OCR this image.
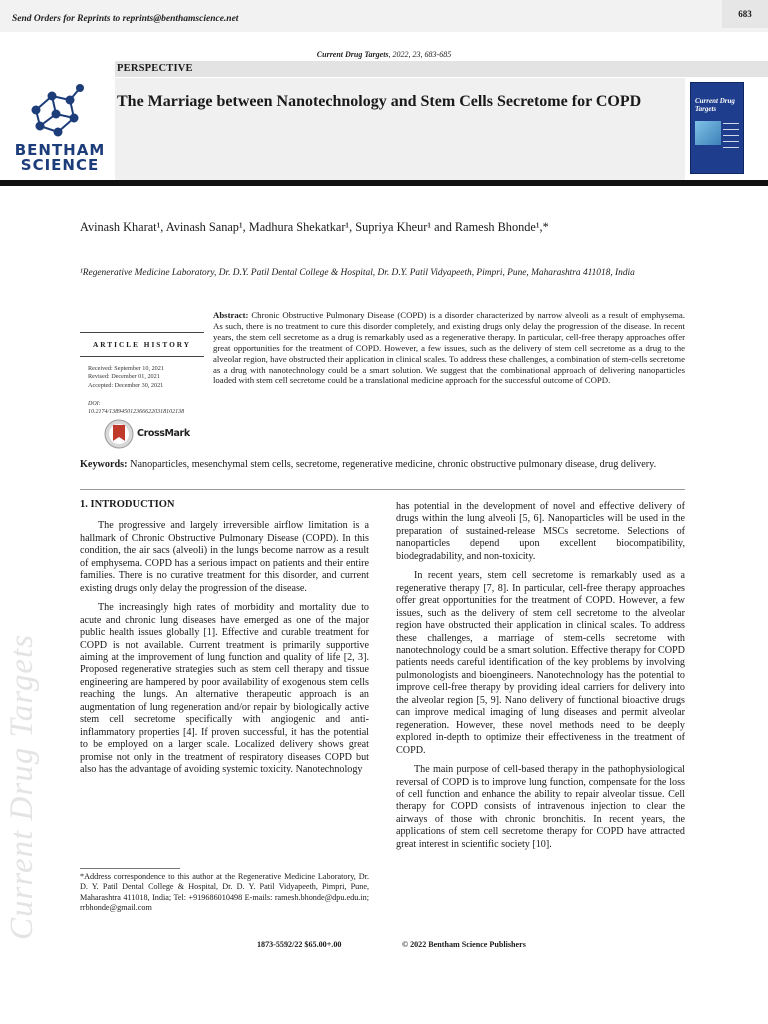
Send Orders for Reprints to reprints@benthamscience.net	683
Current Drug Targets, 2022, 23, 683-685
PERSPECTIVE
The Marriage between Nanotechnology and Stem Cells Secretome for COPD
BENTHAM
SCIENCE
Current Drug Targets
Avinash Kharat¹, Avinash Sanap¹, Madhura Shekatkar¹, Supriya Kheur¹ and Ramesh Bhonde¹,*
¹Regenerative Medicine Laboratory, Dr. D.Y. Patil Dental College & Hospital, Dr. D.Y. Patil Vidyapeeth, Pimpri, Pune, Maharashtra 411018, India
ARTICLE HISTORY
Received: September 10, 2021
Revised: December 01, 2021
Accepted: December 30, 2021
DOI:
10.2174/1389450123666220318102138
CrossMark
Abstract: Chronic Obstructive Pulmonary Disease (COPD) is a disorder characterized by narrow alveoli as a result of emphysema. As such, there is no treatment to cure this disorder completely, and existing drugs only delay the progression of the disease. In recent years, the stem cell secretome as a drug is remarkably used as a regenerative therapy. In particular, cell-free therapy approaches offer great opportunities for the treatment of COPD. However, a few issues, such as the delivery of stem cell secretome as a drug to the alveolar region, have obstructed their application in clinical scales. To address these challenges, a combination of stem-cells secretome as a drug with nanotechnology could be a smart solution. We suggest that the combinational approach of delivering nanoparticles loaded with stem cell secretome could be a translational medicine approach for the successful outcome of COPD.
Keywords: Nanoparticles, mesenchymal stem cells, secretome, regenerative medicine, chronic obstructive pulmonary disease, drug delivery.
1. INTRODUCTION

The progressive and largely irreversible airflow limitation is a hallmark of Chronic Obstructive Pulmonary Disease (COPD). In this condition, the air sacs (alveoli) in the lungs become narrow as a result of emphysema. COPD has a serious impact on patients and their entire families. There is no curative treatment for this disorder, and current existing drugs only delay the progression of the disease.

The increasingly high rates of morbidity and mortality due to acute and chronic lung diseases have emerged as one of the major public health issues globally [1]. Effective and curable treatment for COPD is not available. Current treatment is primarily supportive aiming at the improvement of lung function and quality of life [2, 3]. Proposed regenerative strategies such as stem cell therapy and tissue engineering are hampered by poor availability of exogenous stem cells reaching the lungs. An alternative therapeutic approach is an augmentation of lung regeneration and/or repair by biologically active stem cell secretome specifically with angiogenic and anti-inflammatory properties [4]. If proven successful, it has the potential to be employed on a larger scale. Localized delivery shows great promise not only in the treatment of respiratory diseases COPD but also has the advantage of avoiding systemic toxicity. Nanotechnology

has potential in the development of novel and effective delivery of drugs within the lung alveoli [5, 6]. Nanoparticles will be used in the preparation of sustained-release MSCs secretome. Selections of nanoparticles depend upon excellent biocompatibility, biodegradability, and non-toxicity.

In recent years, stem cell secretome is remarkably used as a regenerative therapy [7, 8]. In particular, cell-free therapy approaches offer great opportunities for the treatment of COPD. However, a few issues, such as the delivery of stem cell secretome to the alveolar region have obstructed their application in clinical scales. To address these challenges, a marriage of stem-cells secretome with nanotechnology could be a smart solution. Effective therapy for COPD patients needs careful identification of the key problems by involving pulmonologists and bioengineers. Nanotechnology has the potential to improve cell-free therapy by providing ideal carriers for delivery into the alveolar region [5, 9]. Nano delivery of functional bioactive drugs can improve medical imaging of lung diseases and permit alveolar regeneration. However, these novel methods need to be deeply explored in-depth to optimize their effectiveness in the treatment of COPD.

The main purpose of cell-based therapy in the pathophysiological reversal of COPD is to improve lung function, compensate for the loss of cell function and enhance the ability to repair alveolar tissue. Cell therapy for COPD consists of intravenous injection to clear the airways of those with chronic bronchitis. In recent years, the applications of stem cell secretome therapy for COPD have attracted great interest in scientific society [10].

*Address correspondence to this author at the Regenerative Medicine Laboratory, Dr. D. Y. Patil Dental College & Hospital, Dr. D. Y. Patil Vidyapeeth, Pimpri, Pune, Maharashtra 411018, India; Tel: +919686010498 E-mails: ramesh.bhonde@dpu.edu.in; rrbhonde@gmail.com
1873-5592/22 $65.00+.00	© 2022 Bentham Science Publishers
Current Drug Targets
